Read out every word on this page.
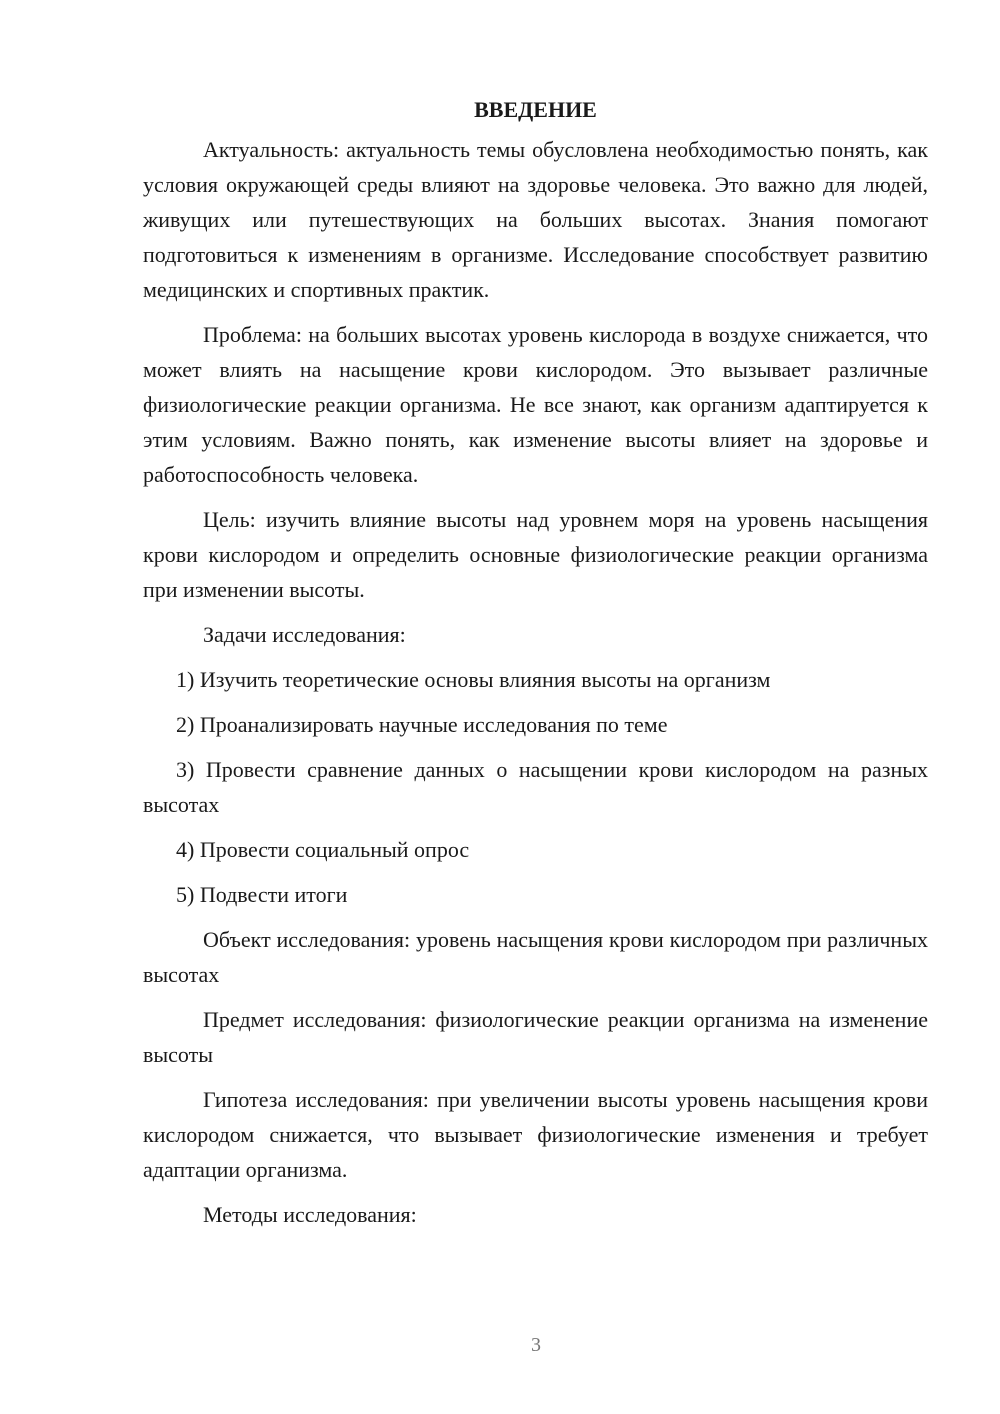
ВВЕДЕНИЕ

Актуальность: актуальность темы обусловлена необходимостью понять, как условия окружающей среды влияют на здоровье человека. Это важно для людей, живущих или путешествующих на больших высотах. Знания помогают подготовиться к изменениям в организме. Исследование способствует развитию медицинских и спортивных практик.

Проблема: на больших высотах уровень кислорода в воздухе снижается, что может влиять на насыщение крови кислородом. Это вызывает различные физиологические реакции организма. Не все знают, как организм адаптируется к этим условиям. Важно понять, как изменение высоты влияет на здоровье и работоспособность человека.

Цель: изучить влияние высоты над уровнем моря на уровень насыщения крови кислородом и определить основные физиологические реакции организма при изменении высоты.

Задачи исследования:

1) Изучить теоретические основы влияния высоты на организм

2) Проанализировать научные исследования по теме

3) Провести сравнение данных о насыщении крови кислородом на разных высотах

4) Провести социальный опрос

5) Подвести итоги

Объект исследования: уровень насыщения крови кислородом при различных высотах

Предмет исследования: физиологические реакции организма на изменение высоты

Гипотеза исследования: при увеличении высоты уровень насыщения крови кислородом снижается, что вызывает физиологические изменения и требует адаптации организма.

Методы исследования:

3
